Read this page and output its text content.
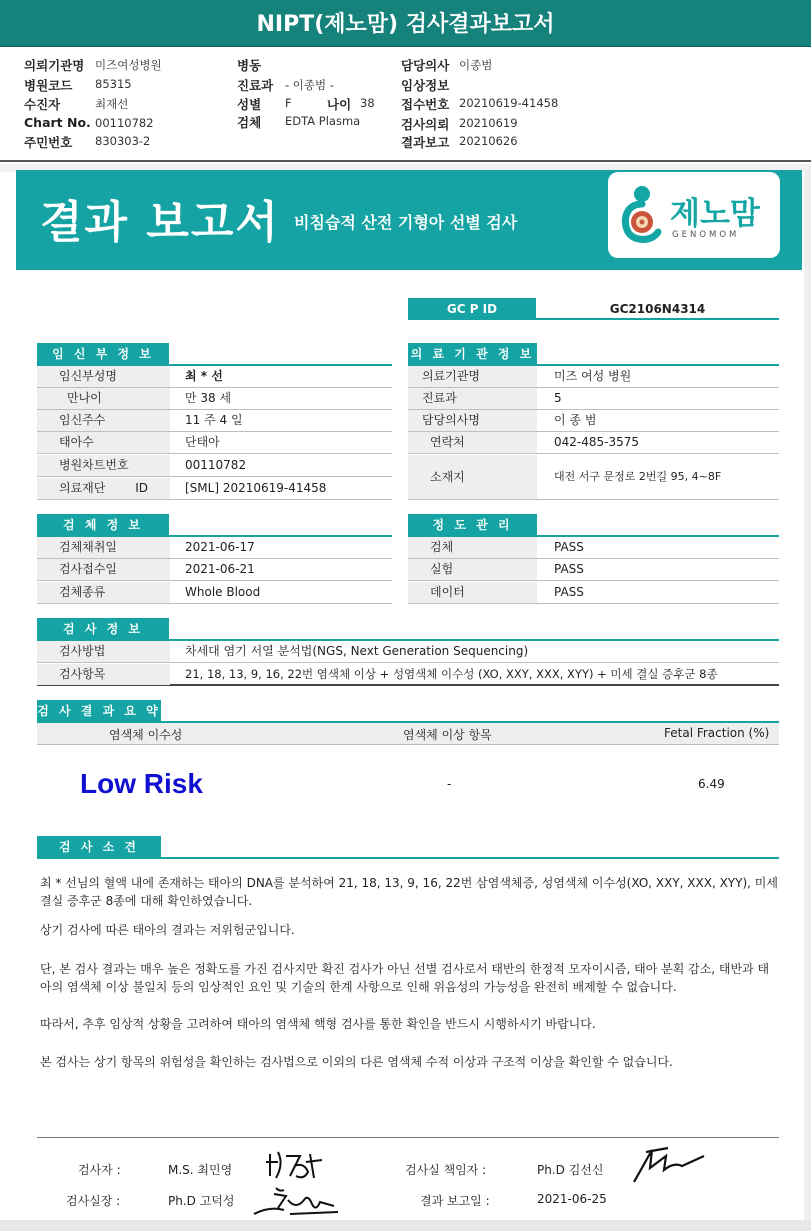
NIPT(제노맘) 검사결과보고서
의뢰기관명 미즈여성병원
병원코드 85315
수진자	최재선
Chart No. 00110782
주민번호 830303-2
병동
진료과 - 이종범 -
성별 F	나이 38
검체 EDTA Plasma
담당의사 이종범
임상정보
접수번호 20210619-41458
검사의뢰 20210619
결과보고 20210626
결과 보고서 비침습적 산전 기형아 선별 검사	제노맘
GENOMOM
GC P ID	GC2106N4314
임 신 부 정 보
임신부성명	최 * 선
만나이	만 38 세
임신주수	11 주 4 일
태아수	단태아
병원차트번호	00110782
의료재단 ID	[SML] 20210619-41458
의 료 기 관 정 보
의료기관명	미즈 여성 병원
진료과	5
담당의사명	이 종 범
연락처	042-485-3575
소재지	대전 서구 문정로 2번길 95, 4~8F
검 체 정 보
검체채취일	2021-06-17
검사접수일	2021-06-21
검체종류	Whole Blood
정 도 관 리
검체	PASS
실험	PASS
데이터	PASS
검 사 정 보
검사방법	차세대 염기 서열 분석법(NGS, Next Generation Sequencing)
검사항목	21, 18, 13, 9, 16, 22번 염색체 이상 + 성염색체 이수성 (XO, XXY, XXX, XYY) + 미세 결실 증후군 8종
검 사 결 과 요 약
염색체 이수성	염색체 이상 항목	Fetal Fraction (%)
Low Risk	-	6.49
검 사 소 견
최 * 선님의 혈액 내에 존재하는 태아의 DNA를 분석하여 21, 18, 13, 9, 16, 22번 삼염색체증, 성염색체 이수성(XO, XXY, XXX, XYY), 미세 결실 증후군 8종에 대해 확인하였습니다.
상기 검사에 따른 태아의 결과는 저위험군입니다.
단, 본 검사 결과는 매우 높은 정확도를 가진 검사지만 확진 검사가 아닌 선별 검사로서 태반의 한정적 모자이시즘, 태아 분획 감소, 태반과 태아의 염색체 이상 불일치 등의 임상적인 요인 및 기술의 한계 사항으로 인해 위음성의 가능성을 완전히 배제할 수 없습니다.
따라서, 추후 임상적 상황을 고려하여 태아의 염색체 핵형 검사를 통한 확인을 반드시 시행하시기 바랍니다.
본 검사는 상기 항목의 위험성을 확인하는 검사법으로 이외의 다른 염색체 수적 이상과 구조적 이상을 확인할 수 없습니다.
검사자 :	M.S. 최민영
검사실장 :	Ph.D 고덕성
검사실 책임자 :	Ph.D 김선신
결과 보고일 :	2021-06-25
